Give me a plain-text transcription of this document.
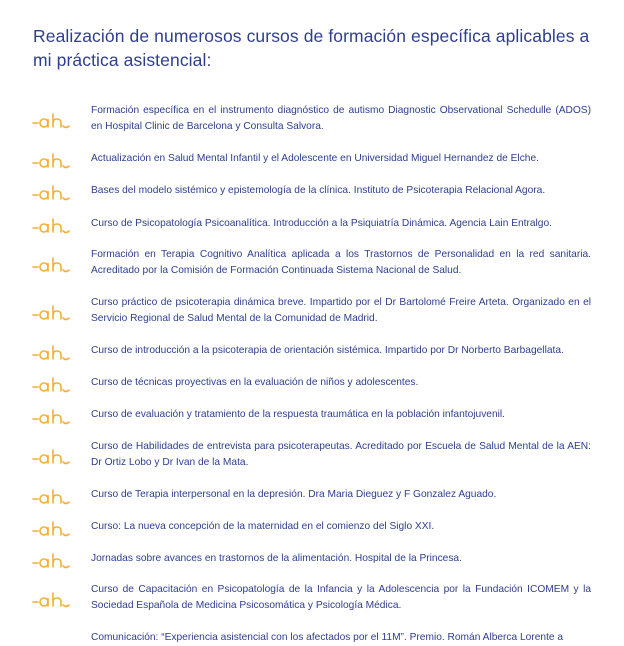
Realización de numerosos cursos de formación específica aplicables a mi práctica asistencial:
Formación específica en el instrumento diagnóstico de autismo Diagnostic Observational Schedulle (ADOS) en Hospital Clinic de Barcelona y Consulta Salvora.
Actualización en Salud Mental Infantil y el Adolescente en Universidad Miguel Hernandez de Elche.
Bases del modelo sistémico y epistemología de la clínica. Instituto de Psicoterapia Relacional Agora.
Curso de Psicopatología Psicoanalítica. Introducción a la Psiquiatría Dinámica. Agencia Lain Entralgo.
Formación en Terapia Cognitivo Analítica aplicada a los Trastornos de Personalidad en la red sanitaria. Acreditado por la Comisión de Formación Continuada Sistema Nacional de Salud.
Curso práctico de psicoterapia dinámica breve. Impartido por el Dr Bartolomé Freire Arteta. Organizado en el Servicio Regional de Salud Mental de la Comunidad de Madrid.
Curso de introducción a la psicoterapia de orientación sistémica. Impartido por Dr Norberto Barbagellata.
Curso de técnicas proyectivas en la evaluación de niños y adolescentes.
Curso de evaluación y tratamiento de la respuesta traumática en la población infantojuvenil.
Curso de Habilidades de entrevista para psicoterapeutas. Acreditado por Escuela de Salud Mental de la AEN: Dr Ortiz Lobo y Dr Ivan de la Mata.
Curso de Terapia interpersonal en la depresión. Dra Maria Dieguez y F Gonzalez Aguado.
Curso: La nueva concepción de la maternidad en el comienzo del Siglo XXI.
Jornadas sobre avances en trastornos de la alimentación. Hospital de la Princesa.
Curso de Capacitación en Psicopatología de la Infancia y la Adolescencia por la Fundación ICOMEM y la Sociedad Española de Medicina Psicosomática y Psicología Médica.
Comunicación: “Experiencia asistencial con los afectados por el 11M”. Premio. Román Alberca Lorente a
